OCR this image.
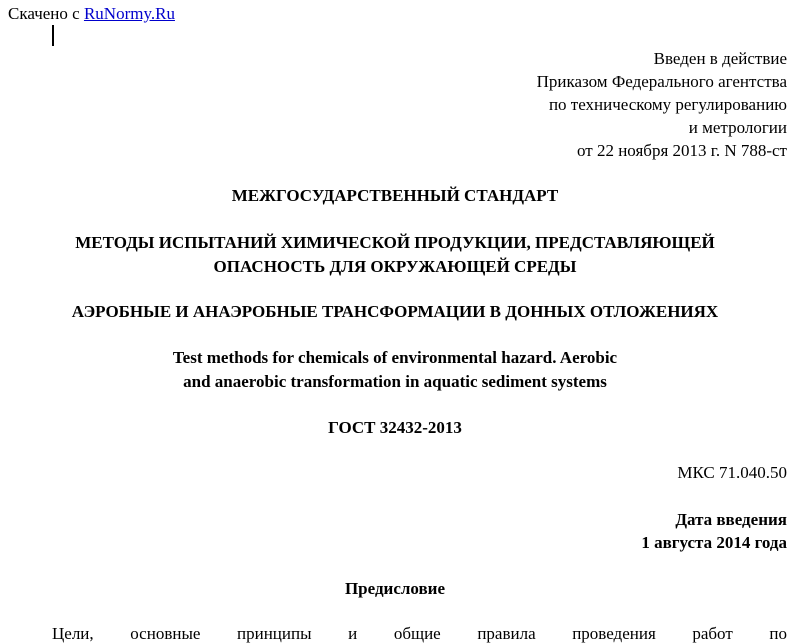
Скачено с RuNormy.Ru
Введен в действие
Приказом Федерального агентства
по техническому регулированию
и метрологии
от 22 ноября 2013 г. N 788-ст
МЕЖГОСУДАРСТВЕННЫЙ СТАНДАРТ
МЕТОДЫ ИСПЫТАНИЙ ХИМИЧЕСКОЙ ПРОДУКЦИИ, ПРЕДСТАВЛЯЮЩЕЙ
ОПАСНОСТЬ ДЛЯ ОКРУЖАЮЩЕЙ СРЕДЫ
АЭРОБНЫЕ И АНАЭРОБНЫЕ ТРАНСФОРМАЦИИ В ДОННЫХ ОТЛОЖЕНИЯХ
Test methods for chemicals of environmental hazard. Aerobic
and anaerobic transformation in aquatic sediment systems
ГОСТ 32432-2013
МКС 71.040.50
Дата введения
1 августа 2014 года
Предисловие
Цели, основные принципы и общие правила проведения работ по
